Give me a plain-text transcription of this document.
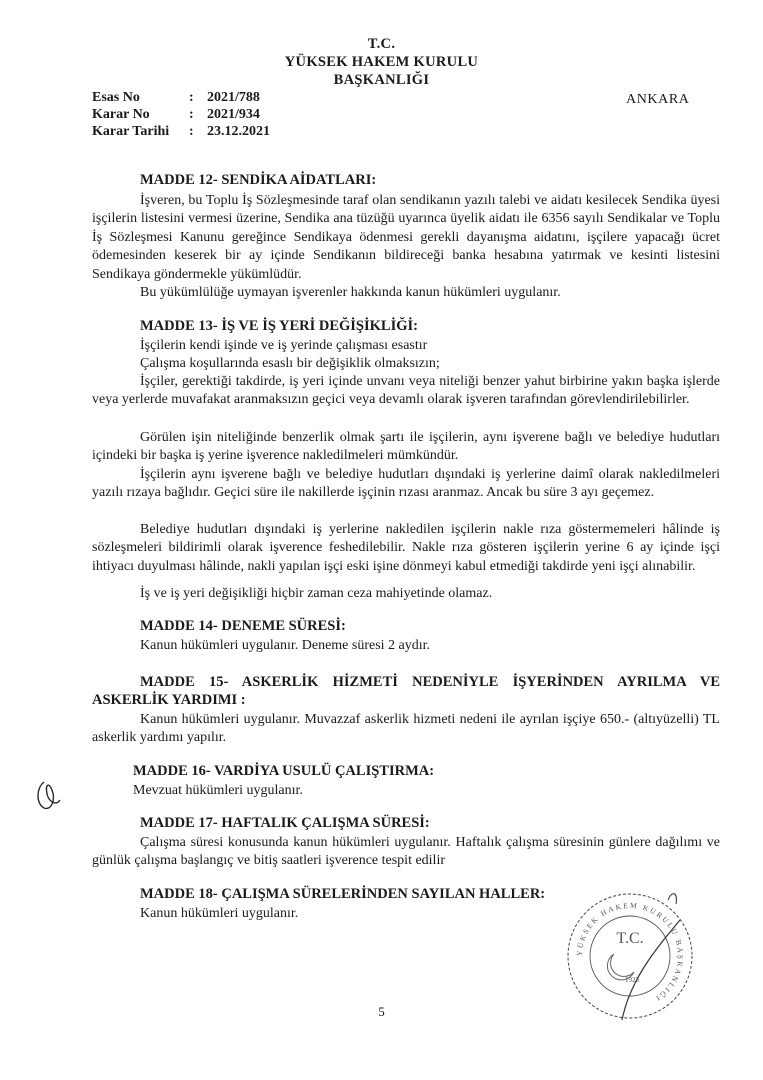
T.C.
YÜKSEK HAKEM KURULU
BAŞKANLIĞI
ANKARA
Esas No	: 2021/788
Karar No	: 2021/934
Karar Tarihi : 23.12.2021
MADDE 12- SENDİKA AİDATLARI:

İşveren, bu Toplu İş Sözleşmesinde taraf olan sendikanın yazılı talebi ve aidatı kesilecek Sendika üyesi işçilerin listesini vermesi üzerine, Sendika ana tüzüğü uyarınca üyelik aidatı ile 6356 sayılı Sendikalar ve Toplu İş Sözleşmesi Kanunu gereğince Sendikaya ödenmesi gerekli dayanışma aidatını, işçilere yapacağı ücret ödemesinden keserek bir ay içinde Sendikanın bildireceği banka hesabına yatırmak ve kesinti listesini Sendikaya göndermekle yükümlüdür.

Bu yükümlülüğe uymayan işverenler hakkında kanun hükümleri uygulanır.

MADDE 13- İŞ VE İŞ YERİ DEĞİŞİKLİĞİ:

İşçilerin kendi işinde ve iş yerinde çalışması esastır

Çalışma koşullarında esaslı bir değişiklik olmaksızın;

İşçiler, gerektiği takdirde, iş yeri içinde unvanı veya niteliği benzer yahut birbirine yakın başka işlerde veya yerlerde muvafakat aranmaksızın geçici veya devamlı olarak işveren tarafından görevlendirilebilirler.

Görülen işin niteliğinde benzerlik olmak şartı ile işçilerin, aynı işverene bağlı ve belediye hudutları içindeki bir başka iş yerine işverence nakledilmeleri mümkündür.

İşçilerin aynı işverene bağlı ve belediye hudutları dışındaki iş yerlerine daimî olarak nakledilmeleri yazılı rızaya bağlıdır. Geçici süre ile nakillerde işçinin rızası aranmaz. Ancak bu süre 3 ayı geçemez.

Belediye hudutları dışındaki iş yerlerine nakledilen işçilerin nakle rıza göstermemeleri hâlinde iş sözleşmeleri bildirimli olarak işverence feshedilebilir. Nakle rıza gösteren işçilerin yerine 6 ay içinde işçi ihtiyacı duyulması hâlinde, nakli yapılan işçi eski işine dönmeyi kabul etmediği takdirde yeni işçi alınabilir.

İş ve iş yeri değişikliği hiçbir zaman ceza mahiyetinde olamaz.

MADDE 14- DENEME SÜRESİ:

Kanun hükümleri uygulanır. Deneme süresi 2 aydır.

MADDE 15- ASKERLİK HİZMETİ NEDENİYLE İŞYERİNDEN AYRILMA VE ASKERLİK YARDIMI :

Kanun hükümleri uygulanır. Muvazzaf askerlik hizmeti nedeni ile ayrılan işçiye 650.- (altıyüzelli) TL askerlik yardımı yapılır.

MADDE 16- VARDİYA USULÜ ÇALIŞTIRMA:

Mevzuat hükümleri uygulanır.

MADDE 17- HAFTALIK ÇALIŞMA SÜRESİ:

Çalışma süresi konusunda kanun hükümleri uygulanır. Haftalık çalışma süresinin günlere dağılımı ve günlük çalışma başlangıç ve bitiş saatleri işverence tespit edilir

MADDE 18- ÇALIŞMA SÜRELERİNDEN SAYILAN HALLER:

Kanun hükümleri uygulanır.

YÜKSEK HAKEM KURULU BAŞKANLIĞI
T.C.
1923
5
